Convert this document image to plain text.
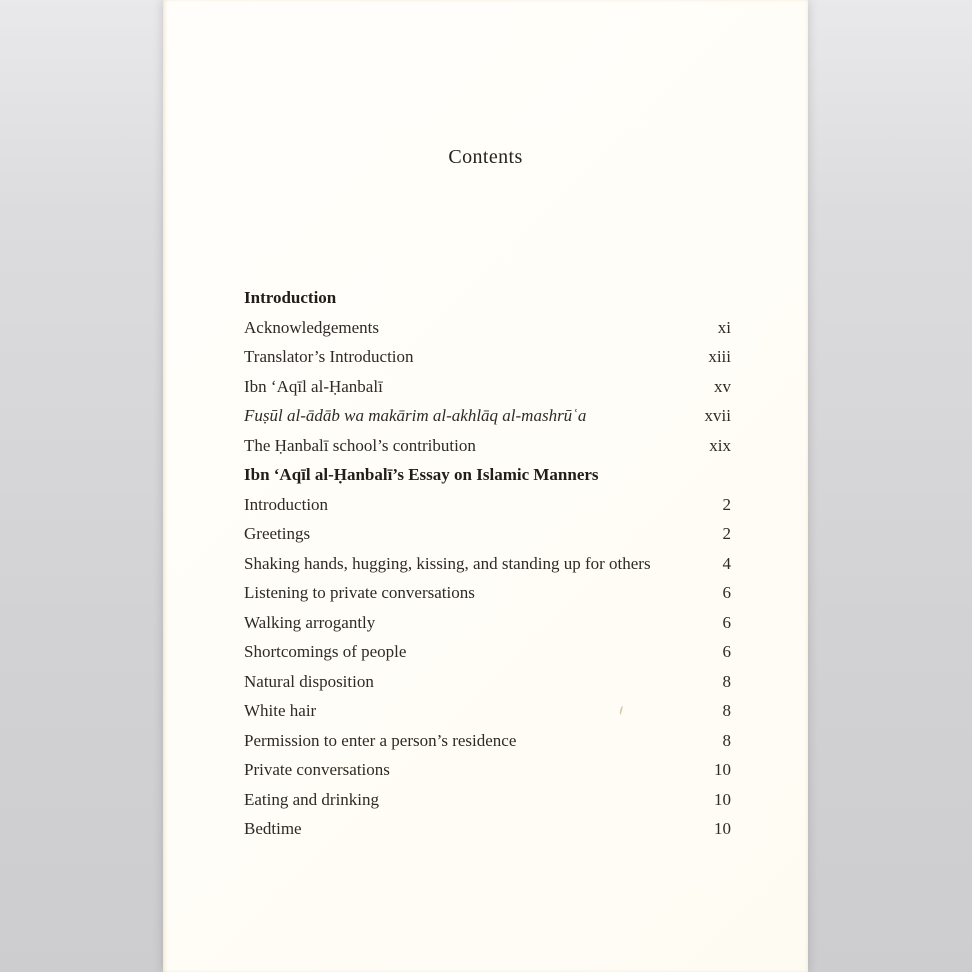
Contents
Introduction
Acknowledgements	xi
Translator’s Introduction	xiii
Ibn ‘Aqīl al-Ḥanbalī	xv
Fuṣūl al-ādāb wa makārim al-akhlāq al-mashrūʿa	xvii
The Ḥanbalī school’s contribution	xix
Ibn ‘Aqīl al-Ḥanbalī’s Essay on Islamic Manners
Introduction	2
Greetings	2
Shaking hands, hugging, kissing, and standing up for others	4
Listening to private conversations	6
Walking arrogantly	6
Shortcomings of people	6
Natural disposition	8
White hair	8
Permission to enter a person’s residence	8
Private conversations	10
Eating and drinking	10
Bedtime	10
